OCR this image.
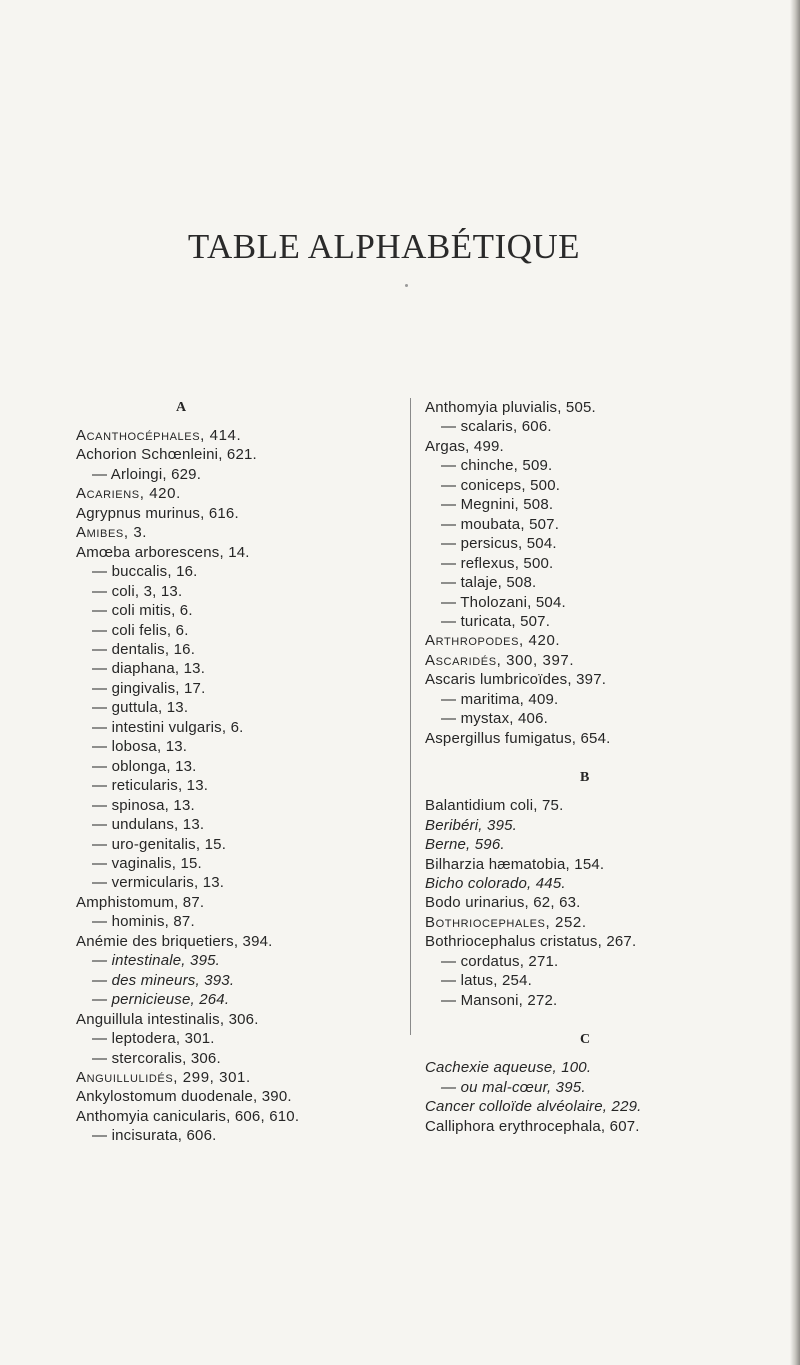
TABLE ALPHABÉTIQUE
A
Acanthocéphales, 414.
Achorion Schœnleini, 621.
— Arloingi, 629.
Acariens, 420.
Agrypnus murinus, 616.
Amibes, 3.
Amœba arborescens, 14.
— buccalis, 16.
— coli, 3, 13.
— coli mitis, 6.
— coli felis, 6.
— dentalis, 16.
— diaphana, 13.
— gingivalis, 17.
— guttula, 13.
— intestini vulgaris, 6.
— lobosa, 13.
— oblonga, 13.
— reticularis, 13.
— spinosa, 13.
— undulans, 13.
— uro-genitalis, 15.
— vaginalis, 15.
— vermicularis, 13.
Amphistomum, 87.
— hominis, 87.
Anémie des briquetiers, 394.
— intestinale, 395.
— des mineurs, 393.
— pernicieuse, 264.
Anguillula intestinalis, 306.
— leptodera, 301.
— stercoralis, 306.
Anguillulidés, 299, 301.
Ankylostomum duodenale, 390.
Anthomyia canicularis, 606, 610.
— incisurata, 606.
Anthomyia pluvialis, 505.
— scalaris, 606.
Argas, 499.
— chinche, 509.
— coniceps, 500.
— Megnini, 508.
— moubata, 507.
— persicus, 504.
— reflexus, 500.
— talaje, 508.
— Tholozani, 504.
— turicata, 507.
Arthropodes, 420.
Ascaridés, 300, 397.
Ascaris lumbricoïdes, 397.
— maritima, 409.
— mystax, 406.
Aspergillus fumigatus, 654.
B
Balantidium coli, 75.
Beribéri, 395.
Berne, 596.
Bilharzia hæmatobia, 154.
Bicho colorado, 445.
Bodo urinarius, 62, 63.
Bothriocephales, 252.
Bothriocephalus cristatus, 267.
— cordatus, 271.
— latus, 254.
— Mansoni, 272.
C
Cachexie aqueuse, 100.
— ou mal-cœur, 395.
Cancer colloïde alvéolaire, 229.
Calliphora erythrocephala, 607.
